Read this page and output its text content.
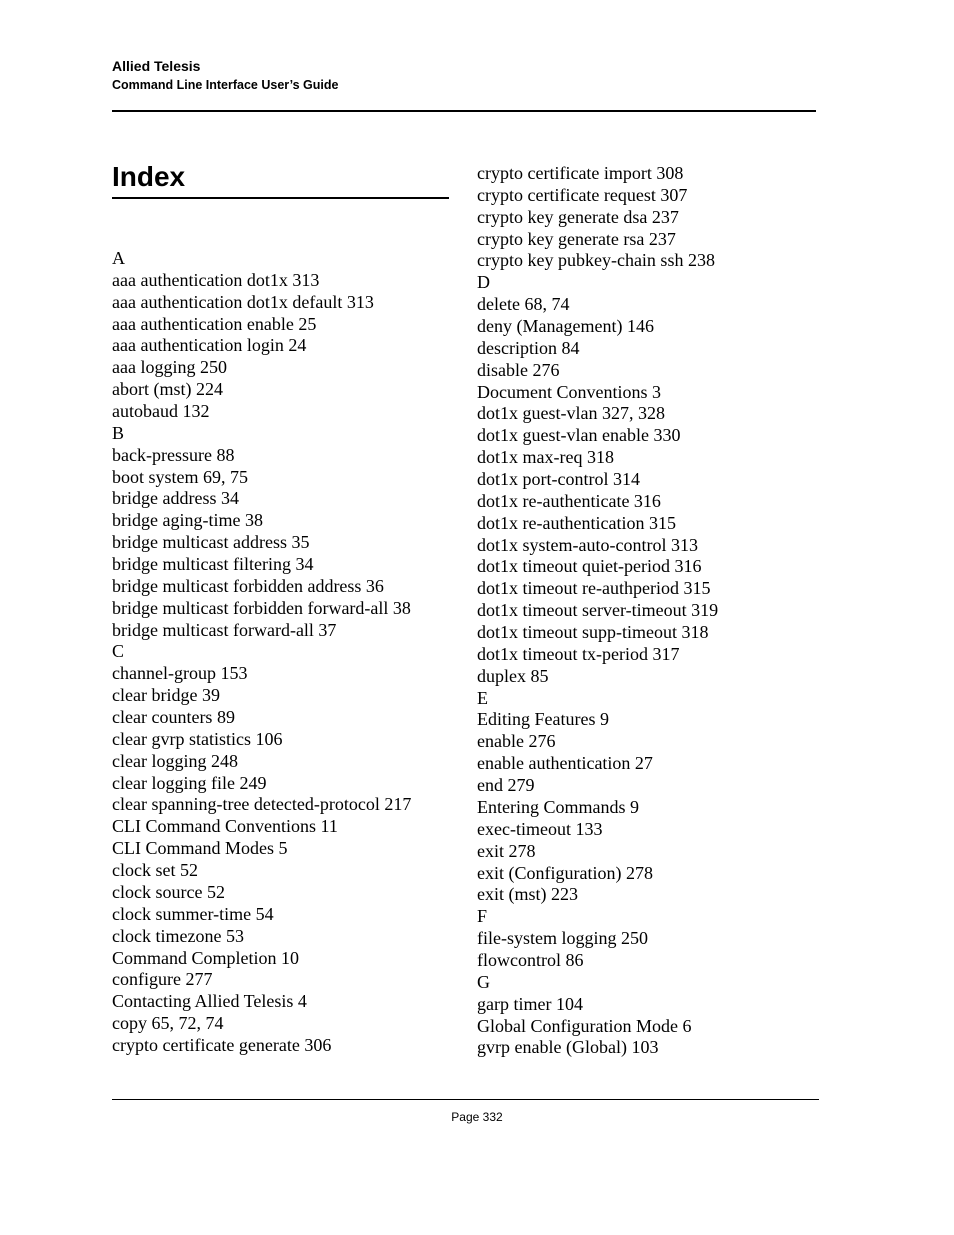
Allied Telesis
Command Line Interface User’s Guide
Index
A
aaa authentication dot1x 313
aaa authentication dot1x default 313
aaa authentication enable 25
aaa authentication login 24
aaa logging 250
abort (mst) 224
autobaud 132
B
back-pressure 88
boot system 69, 75
bridge address 34
bridge aging-time 38
bridge multicast address 35
bridge multicast filtering 34
bridge multicast forbidden address 36
bridge multicast forbidden forward-all 38
bridge multicast forward-all 37
C
channel-group 153
clear bridge 39
clear counters 89
clear gvrp statistics 106
clear logging 248
clear logging file 249
clear spanning-tree detected-protocol 217
CLI Command Conventions 11
CLI Command Modes 5
clock set 52
clock source 52
clock summer-time 54
clock timezone 53
Command Completion 10
configure 277
Contacting Allied Telesis 4
copy 65, 72, 74
crypto certificate generate 306
crypto certificate import 308
crypto certificate request 307
crypto key generate dsa 237
crypto key generate rsa 237
crypto key pubkey-chain ssh 238
D
delete 68, 74
deny (Management) 146
description 84
disable 276
Document Conventions 3
dot1x guest-vlan 327, 328
dot1x guest-vlan enable 330
dot1x max-req 318
dot1x port-control 314
dot1x re-authenticate 316
dot1x re-authentication 315
dot1x system-auto-control 313
dot1x timeout quiet-period 316
dot1x timeout re-authperiod 315
dot1x timeout server-timeout 319
dot1x timeout supp-timeout 318
dot1x timeout tx-period 317
duplex 85
E
Editing Features 9
enable 276
enable authentication 27
end 279
Entering Commands 9
exec-timeout 133
exit 278
exit (Configuration) 278
exit (mst) 223
F
file-system logging 250
flowcontrol 86
G
garp timer 104
Global Configuration Mode 6
gvrp enable (Global) 103
Page 332
